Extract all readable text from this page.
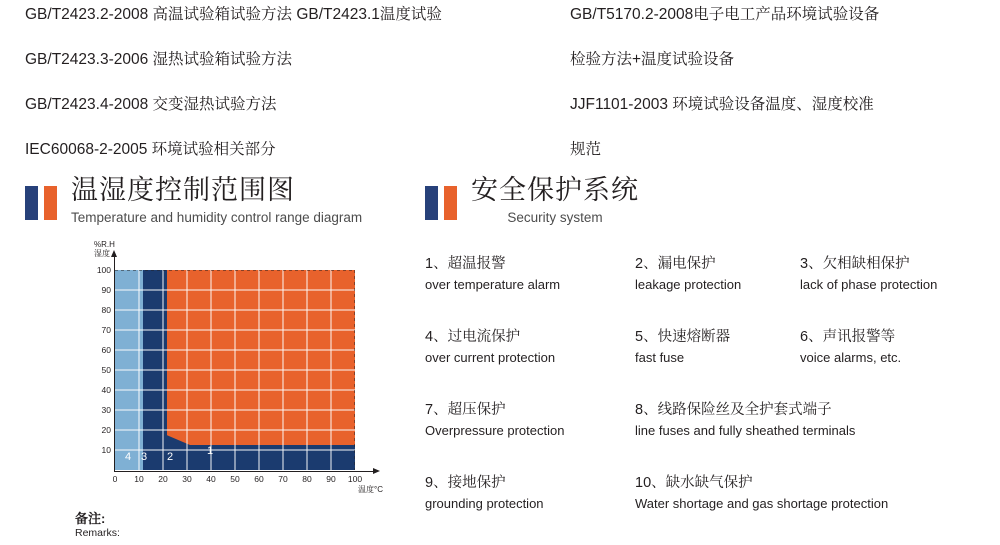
GB/T2423.2-2008 高温试验箱试验方法 GB/T2423.1温度试验
GB/T2423.3-2006 湿热试验箱试验方法
GB/T2423.4-2008 交变湿热试验方法
IEC60068-2-2005 环境试验相关部分
温湿度控制范围图
Temperature and humidity control range diagram
%R.H
湿度
温度°C
100
90
80
70
60
50
40
30
20
10
0 10 20 30 40 50 60 70 80 90 100
1
2
3
4
备注:
Remarks:
GB/T5170.2-2008电子电工产品环境试验设备
检验方法+温度试验设备
JJF1101-2003 环境试验设备温度、湿度校准
规范
安全保护系统
Security system
1、超温报警
over temperature alarm
2、漏电保护
leakage protection
3、欠相缺相保护
lack of phase protection
4、过电流保护
over current protection
5、快速熔断器
fast fuse
6、声讯报警等
voice alarms, etc.
7、超压保护
Overpressure protection
8、线路保险丝及全护套式端子
line fuses and fully sheathed terminals
9、接地保护
grounding protection
10、缺水缺气保护
Water shortage and gas shortage protection
